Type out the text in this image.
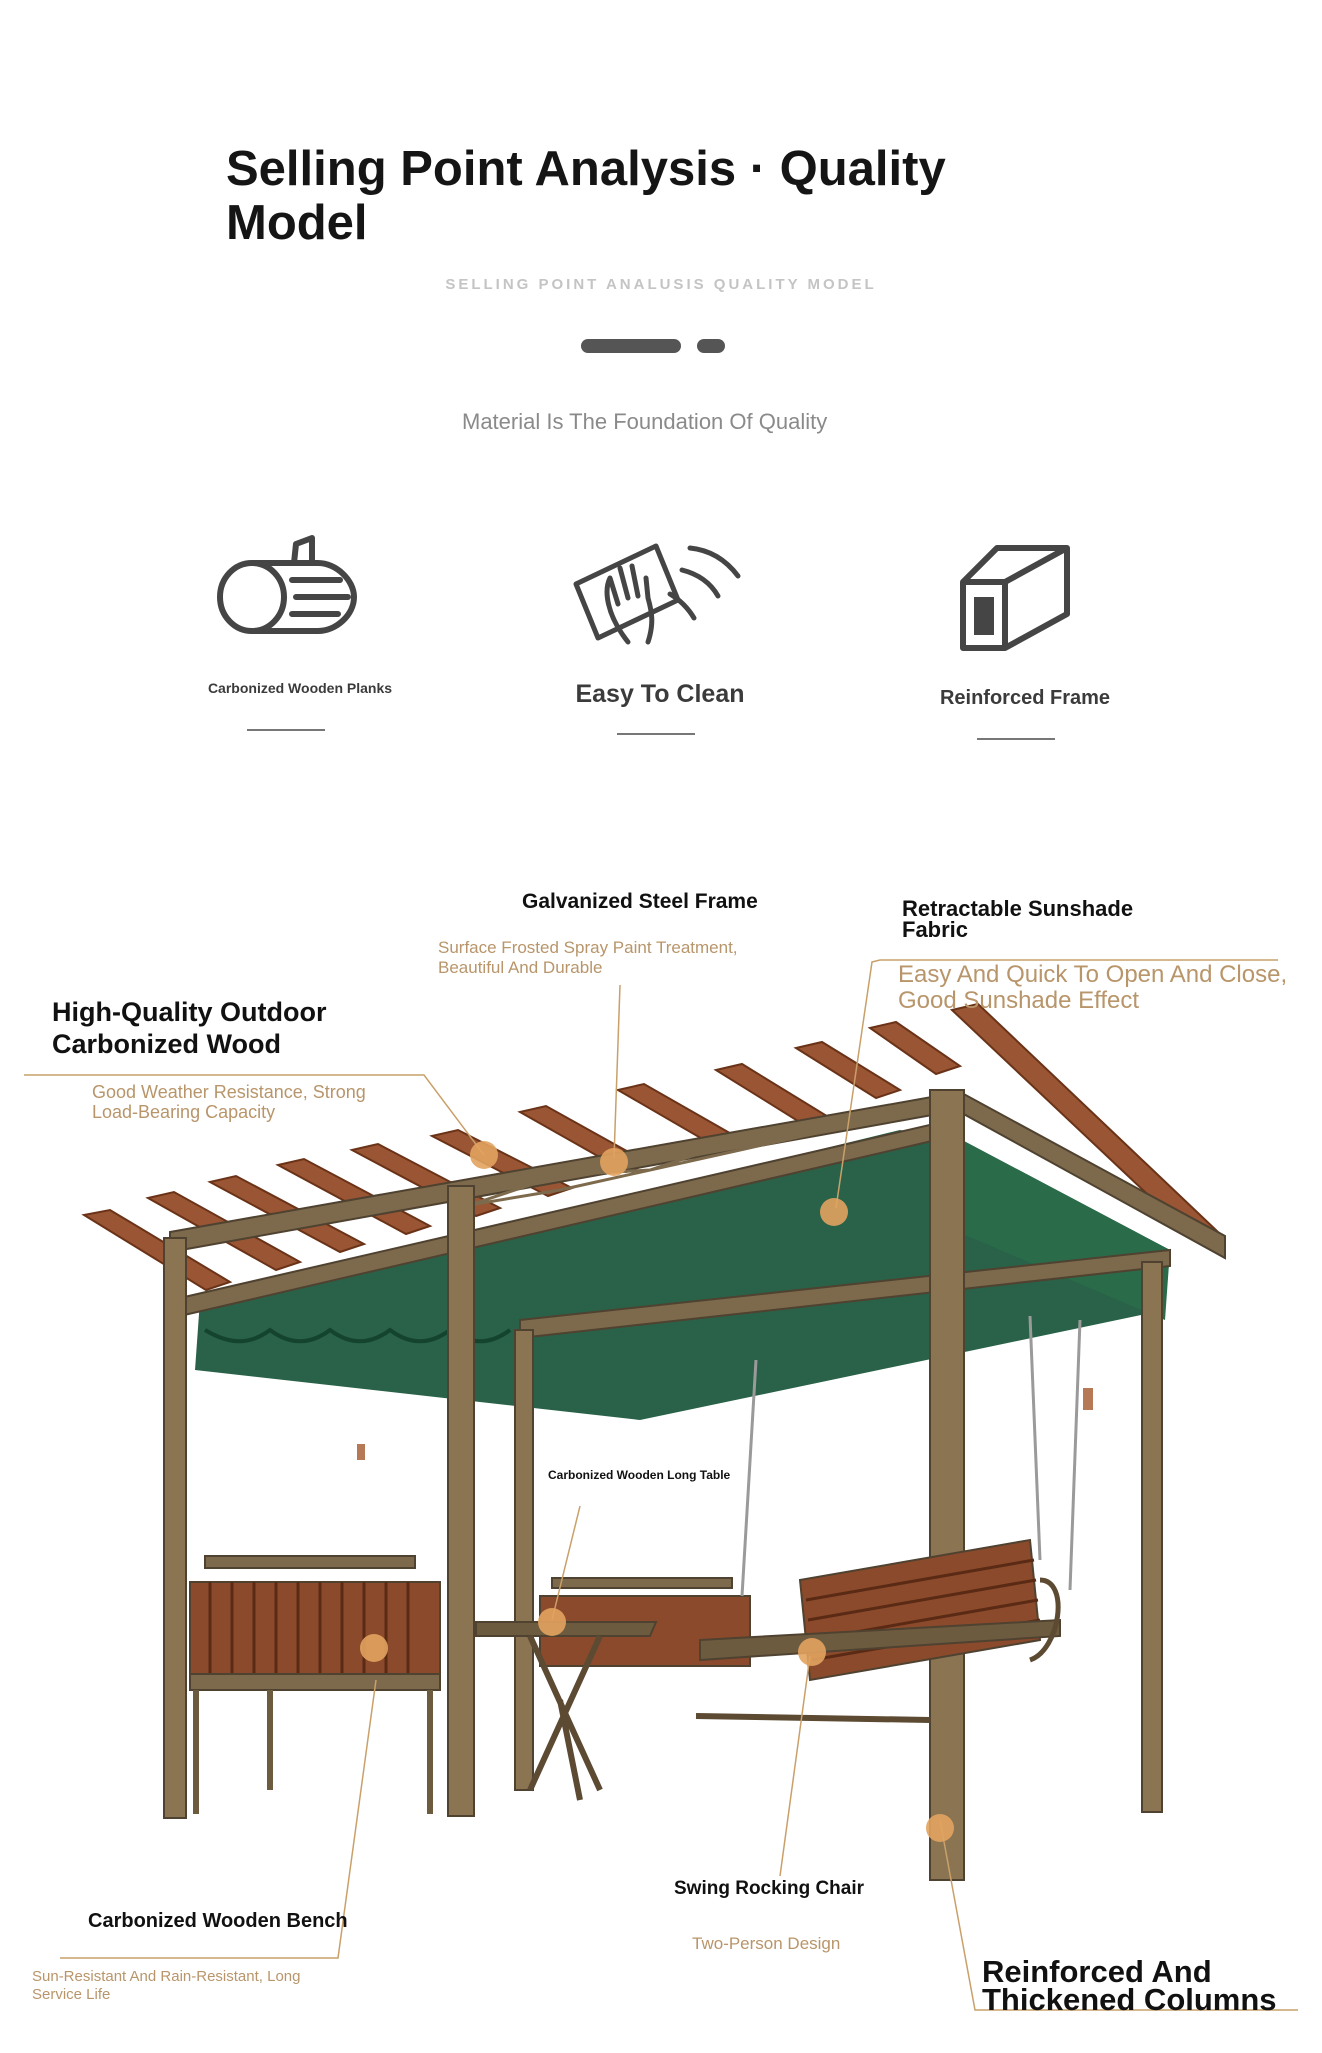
Selling Point Analysis · Quality Model
SELLING POINT ANALUSIS QUALITY MODEL
Material Is The Foundation Of Quality
Carbonized Wooden Planks	Easy To Clean	Reinforced Frame
Galvanized Steel Frame
Surface Frosted Spray Paint Treatment, Beautiful And Durable
Retractable Sunshade Fabric
Easy And Quick To Open And Close, Good Sunshade Effect
High-Quality Outdoor Carbonized Wood
Good Weather Resistance, Strong Load-Bearing Capacity
Carbonized Wooden Long Table
Carbonized Wooden Bench
Sun-Resistant And Rain-Resistant, Long Service Life
Swing Rocking Chair
Two-Person Design
Reinforced And Thickened Columns
